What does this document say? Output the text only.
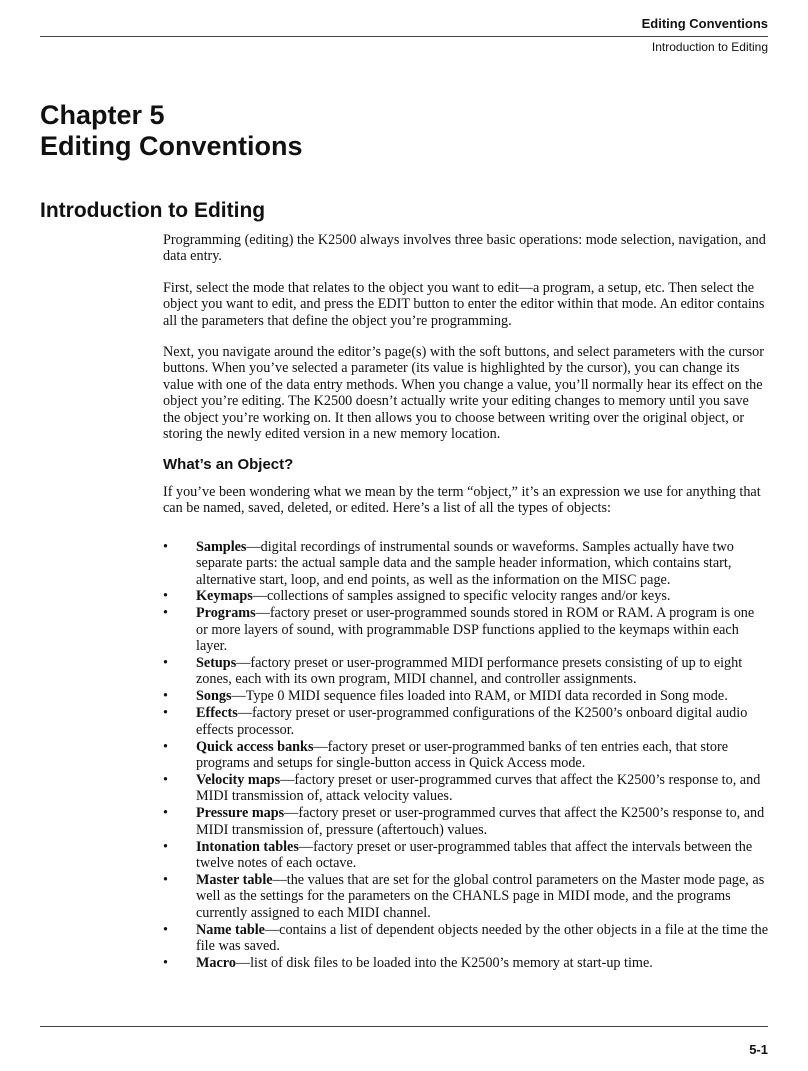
Editing Conventions
Introduction to Editing
Chapter 5
Editing Conventions
Introduction to Editing

Programming (editing) the K2500 always involves three basic operations: mode selection, navigation, and data entry.

First, select the mode that relates to the object you want to edit—a program, a setup, etc. Then select the object you want to edit, and press the EDIT button to enter the editor within that mode. An editor contains all the parameters that define the object you’re programming.

Next, you navigate around the editor’s page(s) with the soft buttons, and select parameters with the cursor buttons. When you’ve selected a parameter (its value is highlighted by the cursor), you can change its value with one of the data entry methods. When you change a value, you’ll normally hear its effect on the object you’re editing. The K2500 doesn’t actually write your editing changes to memory until you save the object you’re working on. It then allows you to choose between writing over the original object, or storing the newly edited version in a new memory location.

What’s an Object?

If you’ve been wondering what we mean by the term “object,” it’s an expression we use for anything that can be named, saved, deleted, or edited. Here’s a list of all the types of objects:

• Samples—digital recordings of instrumental sounds or waveforms. Samples actually have two separate parts: the actual sample data and the sample header information, which contains start, alternative start, loop, and end points, as well as the information on the MISC page.
• Keymaps—collections of samples assigned to specific velocity ranges and/or keys.
• Programs—factory preset or user-programmed sounds stored in ROM or RAM. A program is one or more layers of sound, with programmable DSP functions applied to the keymaps within each layer.
• Setups—factory preset or user-programmed MIDI performance presets consisting of up to eight zones, each with its own program, MIDI channel, and controller assignments.
• Songs—Type 0 MIDI sequence files loaded into RAM, or MIDI data recorded in Song mode.
• Effects—factory preset or user-programmed configurations of the K2500’s onboard digital audio effects processor.
• Quick access banks—factory preset or user-programmed banks of ten entries each, that store programs and setups for single-button access in Quick Access mode.
• Velocity maps—factory preset or user-programmed curves that affect the K2500’s response to, and MIDI transmission of, attack velocity values.
• Pressure maps—factory preset or user-programmed curves that affect the K2500’s response to, and MIDI transmission of, pressure (aftertouch) values.
• Intonation tables—factory preset or user-programmed tables that affect the intervals between the twelve notes of each octave.
• Master table—the values that are set for the global control parameters on the Master mode page, as well as the settings for the parameters on the CHANLS page in MIDI mode, and the programs currently assigned to each MIDI channel.
• Name table—contains a list of dependent objects needed by the other objects in a file at the time the file was saved.
• Macro—list of disk files to be loaded into the K2500’s memory at start-up time.
5-1
